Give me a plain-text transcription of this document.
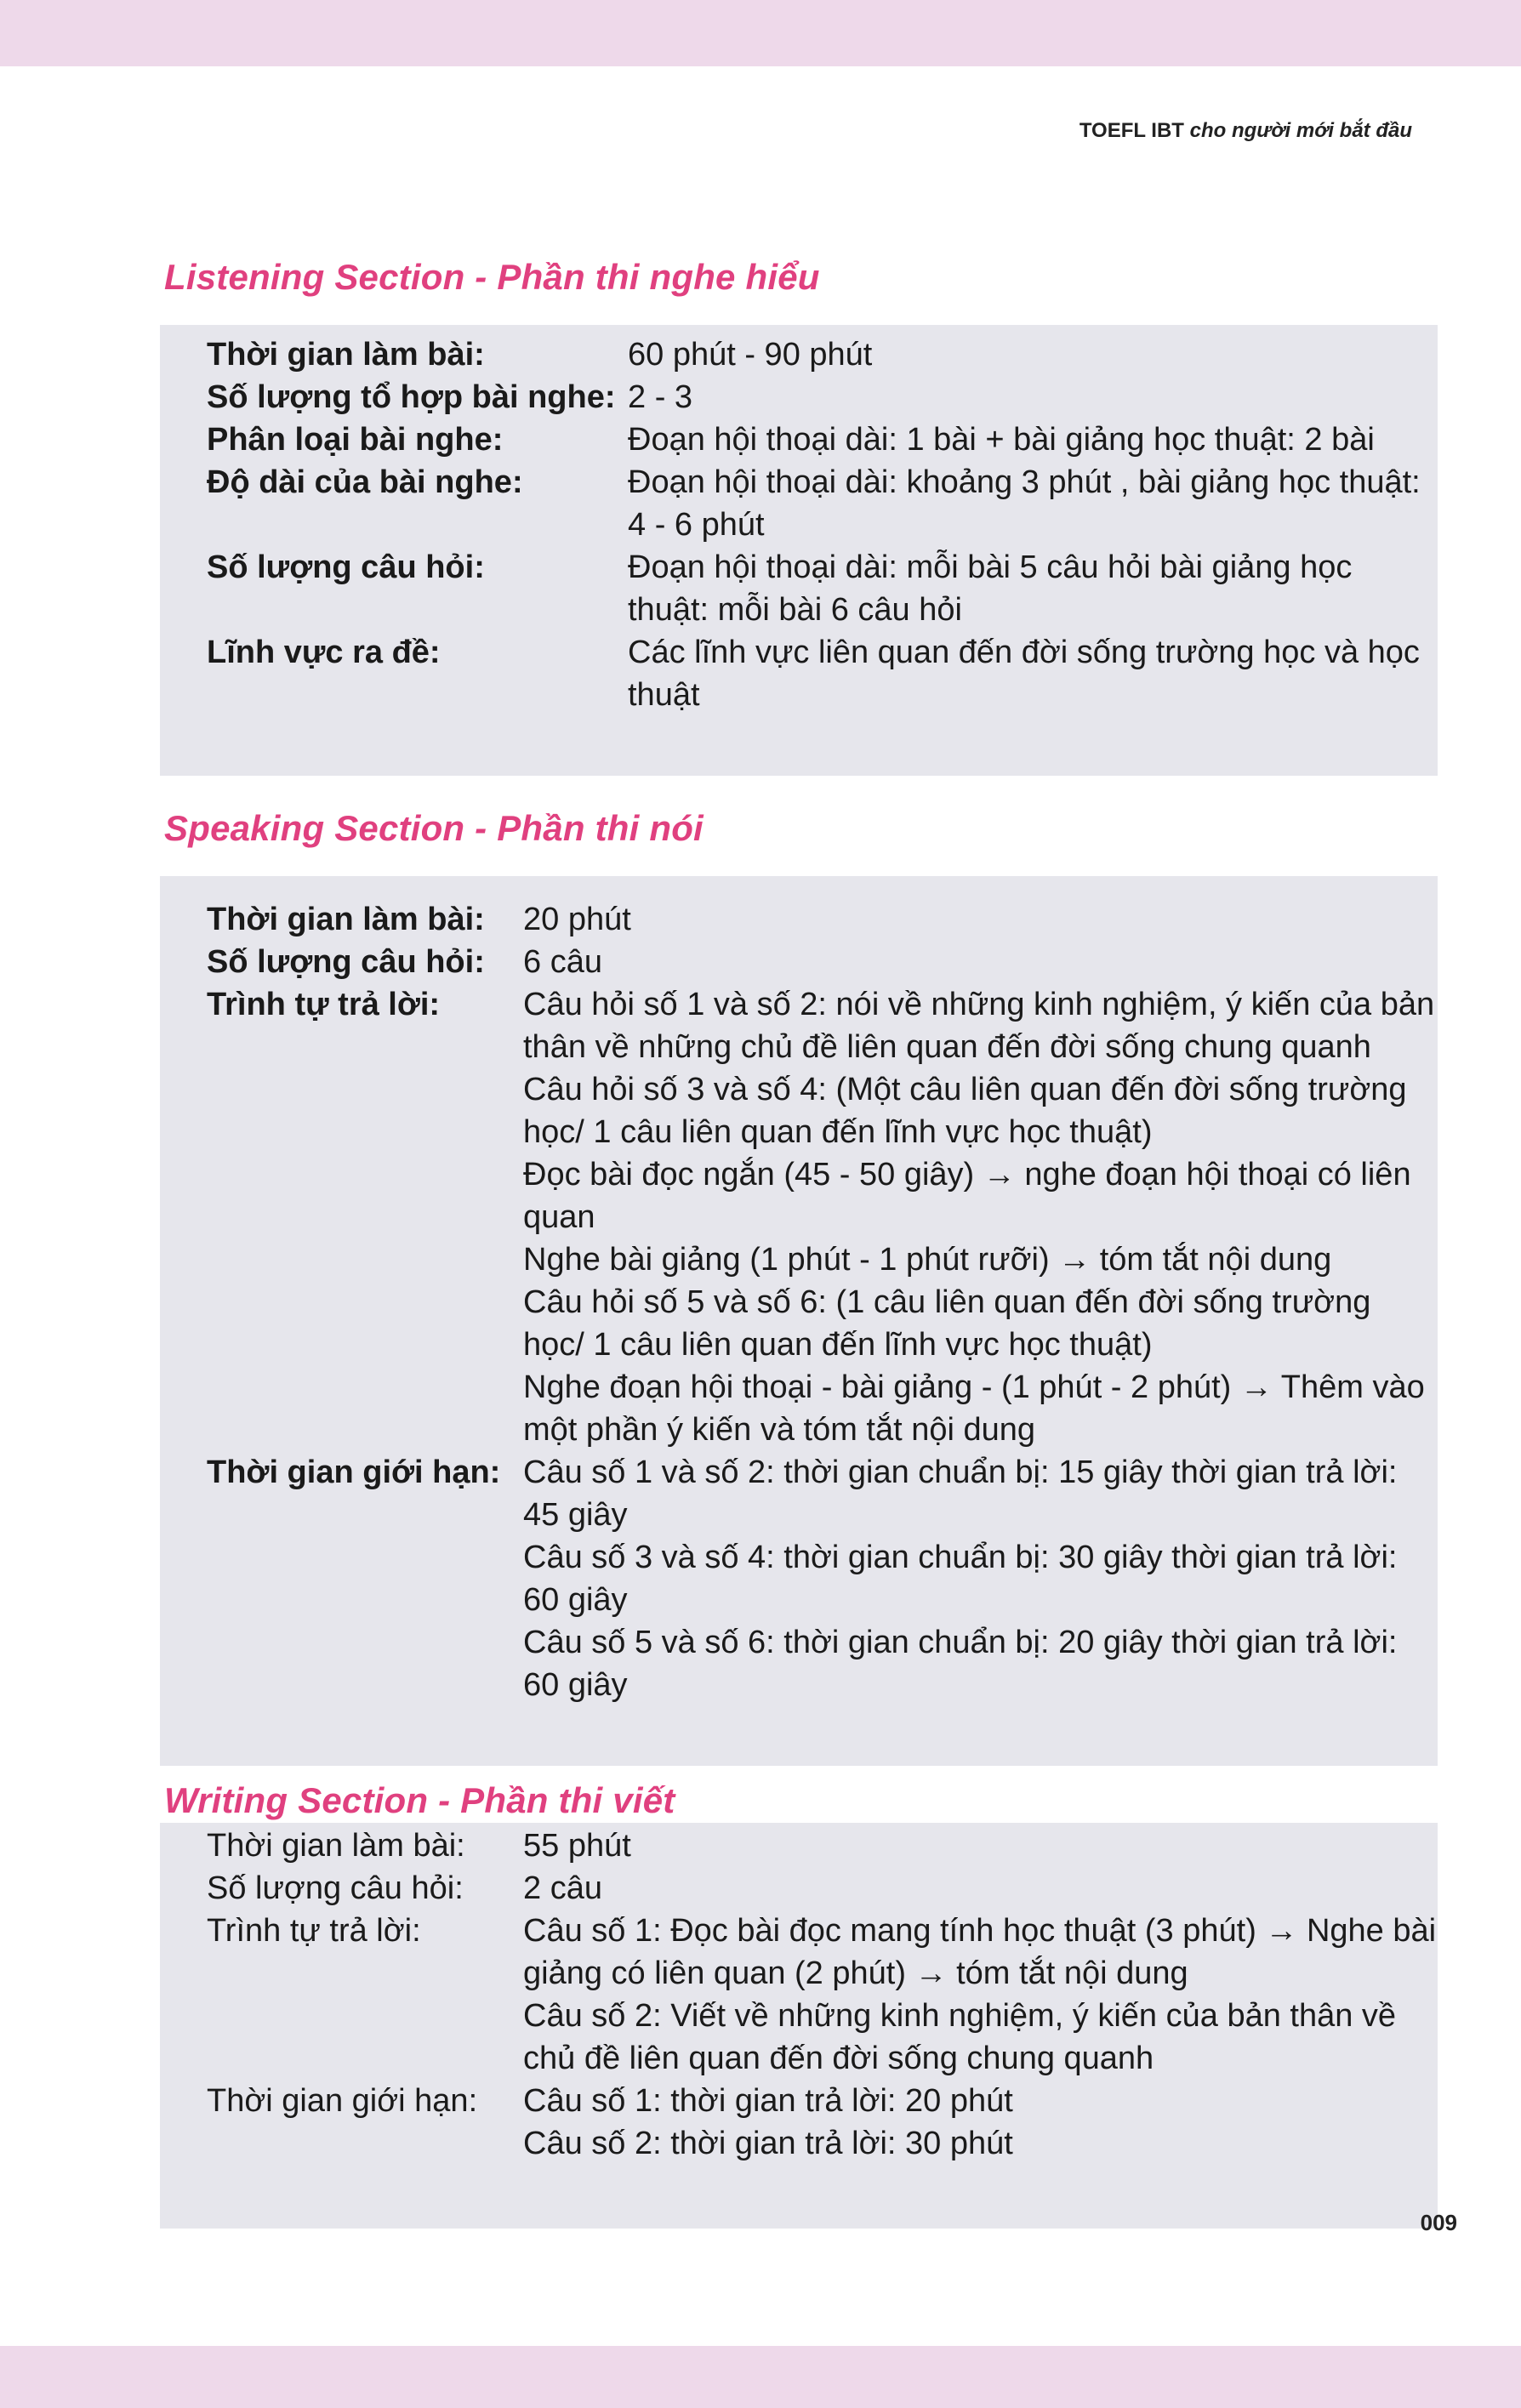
TOEFL IBT cho người mới bắt đầu
Listening Section - Phần thi nghe hiểu
Thời gian làm bài:	60 phút - 90 phút

Số lượng tổ hợp bài nghe: 2 - 3

Phân loại bài nghe:	Đoạn hội thoại dài: 1 bài + bài giảng học thuật: 2 bài

Độ dài của bài nghe:	Đoạn hội thoại dài: khoảng 3 phút , bài giảng học thuật: 4 - 6 phút

Số lượng câu hỏi:	Đoạn hội thoại dài: mỗi bài 5 câu hỏi bài giảng học thuật: mỗi bài 6 câu hỏi

Lĩnh vực ra đề:	Các lĩnh vực liên quan đến đời sống trường học và học thuật

Speaking Section - Phần thi nói
Thời gian làm bài:	20 phút

Số lượng câu hỏi:	6 câu

Trình tự trả lời:	Câu hỏi số 1 và số 2: nói về những kinh nghiệm, ý kiến của bản thân về những chủ đề liên quan đến đời sống chung quanh

Câu hỏi số 3 và số 4: (Một câu liên quan đến đời sống trường học/ 1 câu liên quan đến lĩnh vực học thuật)

Đọc bài đọc ngắn (45 - 50 giây) → nghe đoạn hội thoại có liên quan

Nghe bài giảng (1 phút - 1 phút rưỡi) → tóm tắt nội dung

Câu hỏi số 5 và số 6: (1 câu liên quan đến đời sống trường học/ 1 câu liên quan đến lĩnh vực học thuật)

Nghe đoạn hội thoại - bài giảng - (1 phút - 2 phút) → Thêm vào một phần ý kiến và tóm tắt nội dung

Thời gian giới hạn: Câu số 1 và số 2: thời gian chuẩn bị: 15 giây thời gian trả lời: 45 giây

Câu số 3 và số 4: thời gian chuẩn bị: 30 giây thời gian trả lời: 60 giây

Câu số 5 và số 6: thời gian chuẩn bị: 20 giây thời gian trả lời: 60 giây

Writing Section - Phần thi viết
Thời gian làm bài:	55 phút

Số lượng câu hỏi:	2 câu

Trình tự trả lời:	Câu số 1: Đọc bài đọc mang tính học thuật (3 phút) → Nghe bài giảng có liên quan (2 phút) → tóm tắt nội dung

Câu số 2: Viết về những kinh nghiệm, ý kiến của bản thân về chủ đề liên quan đến đời sống chung quanh

Thời gian giới hạn:	Câu số 1: thời gian trả lời: 20 phút

Câu số 2: thời gian trả lời: 30 phút

009
